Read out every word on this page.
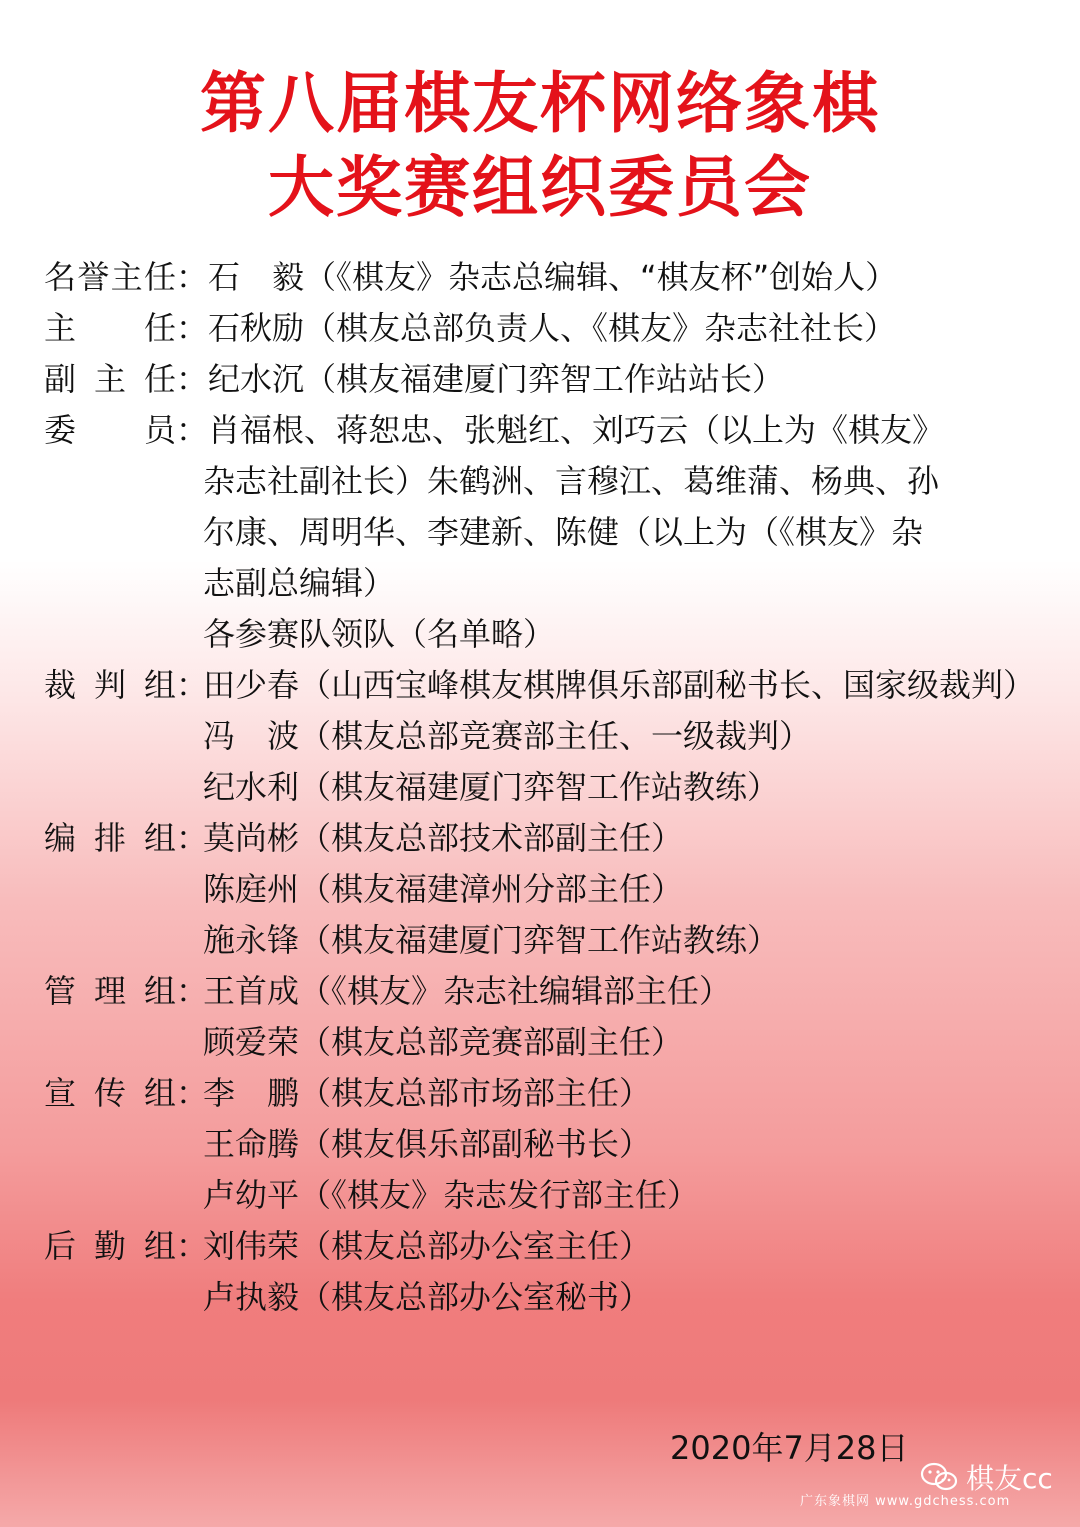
第八届棋友杯网络象棋
大奖赛组织委员会
名誉主任 ： 石　毅（《棋友》杂志总编辑、“棋友杯”创始人）
主任 ： 石秋励（棋友总部负责人、《棋友》杂志社社长）
副主任 ： 纪水沉（棋友福建厦门弈智工作站站长）
委员 ： 肖福根、蒋恕忠、张魁红、刘巧云（以上为《棋友》
杂志社副社长）朱鹤洲、言穆江、葛维蒲、杨典、孙
尔康、周明华、李建新、陈健（以上为（《棋友》杂
志副总编辑）
各参赛队领队（名单略）
裁判组 ：
田少春（山西宝峰棋友棋牌俱乐部副秘书长、国家级裁判）
冯　波（棋友总部竞赛部主任、一级裁判）
纪水利（棋友福建厦门弈智工作站教练）
编排组 ：
莫尚彬（棋友总部技术部副主任）
陈庭州（棋友福建漳州分部主任）
施永锋（棋友福建厦门弈智工作站教练）
管理组 ：
王首成（《棋友》杂志社编辑部主任）
顾爱荣（棋友总部竞赛部副主任）
宣传组 ：
李　鹏（棋友总部市场部主任）
王命腾（棋友俱乐部副秘书长）
卢幼平（《棋友》杂志发行部主任）
后勤组 ：
刘伟荣（棋友总部办公室主任）
卢执毅（棋友总部办公室秘书）
2020年7月28日
棋友cc
广东象棋网 www.gdchess.com
